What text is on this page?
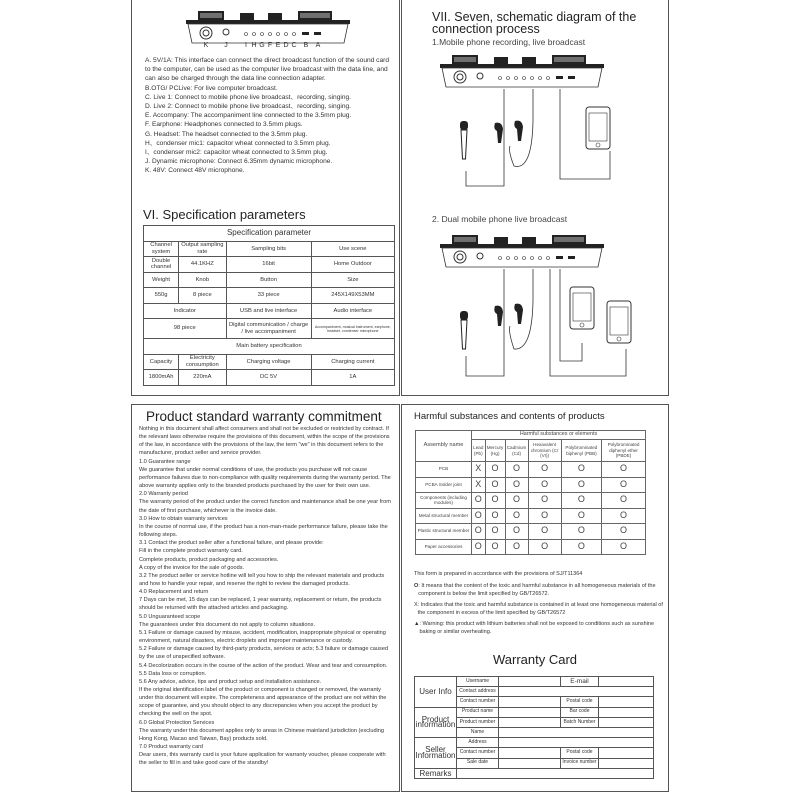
K J I H G F E D C B A
A. 5V/1A: This interface can connect the direct broadcast function of the sound card to the computer, can be used as the computer live broadcast with the data line, and can also be charged through the data line connection adapter.
B.OTG/ PCLive: For live computer broadcast.
C. Live 1: Connect to mobile phone live broadcast、recording, singing.
D. Live 2: Connect to mobile phone live broadcast、recording, singing.
E. Accompany: The accompaniment line connected to the 3.5mm plug.
F. Earphone: Headphones connected to 3.5mm plugs.
G. Headset: The headset connected to the 3.5mm plug.
H、condenser mic1: capacitor wheat connected to 3.5mm plug.
I、condenser mic2: capacitor wheat connected to 3.5mm plug.
J. Dynamic microphone: Connect 6.35mm dynamic microphone.
K. 48V: Connect 48V microphone.
VI. Specification parameters
Specification parameter			
Channel system	Output sampling rate	Sampling bits	Use scene
Double channel	44.1KHZ	16bit	Home Outdoor
Weight	Knob	Button	Size
550g	8 piece	33 piece	245X149X53MM
Indicator		USB and live interface	Audio interface
98 piece		Digital communication / charge / live accompaniment	Accompaniment, musical instrument, earphone, headset, condenser microphone
Main battery specification			
Capacity	Electricity consumption	Charging voltage	Charging current
1800mAh	220mA	DC 5V	1A
VII. Seven, schematic diagram of the connection process
1.Mobile phone recording, live broadcast
2. Dual mobile phone live broadcast
Product standard warranty commitment
Nothing in this document shall affect consumers and shall not be excluded or restricted by contract. If the relevant laws otherwise require the provisions of this document, within the scope of the provisions of the law, in accordance with the provisions of the law, the term "we" in this document refers to the manufacturer, product seller and service provider.
1.0 Guarantee range
We guarantee that under normal conditions of use, the products you purchase will not cause performance failures due to non-compliance with quality requirements during the warranty period. The above warranty applies only to the branded products purchased by the user for their own use.
2.0 Warranty period
The warranty period of the product under the correct function and maintenance shall be one year from the date of first purchase, whichever is the invoice date.
3.0 How to obtain warranty services
In the course of normal use, if the product has a non-man-made performance failure, please take the following steps.
3.1 Contact the product seller after a functional failure, and please provide:
Fill in the complete product warranty card.
Complete products, product packaging and accessories.
A copy of the invoice for the sale of goods.
3.2 The product seller or service hotline will tell you how to ship the relevant materials and products and how to handle your repair, and reserve the right to review the damaged products.
4.0 Replacement and return
7 Days can be met, 15 days can be replaced, 1 year warranty, replacement or return, the products should be returned with the attached articles and packaging.
5.0 Unguaranteed scope
The guarantees under this document do not apply to column situations.
5.1 Failure or damage caused by misuse, accident, modification, inappropriate physical or operating environment, natural disasters, electric droplets and improper maintenance or custody.
5.2 Failure or damage caused by third-party products, services or acts; 5.3 failure or damage caused by the use of unspecified software.
5.4 Decolorization occurs in the course of the action of the product. Wear and tear and consumption.
5.5 Data loss or corruption.
5.6 Any advice, advice, tips and product setup and installation assistance.
If the original identification label of the product or component is changed or removed, the warranty under this document will expire. The completeness and appearance of the product are not within the scope of guarantee, and you should object to any discrepancies when you accept the product by checking the well on the spot.
6.0 Global Protection Services
The warranty under this document applies only to areas in Chinese mainland jurisdiction (excluding Hong Kong, Macao and Taiwan, Bay) products sold.
7.0 Product warranty card
Dear users, this warranty card is your future application for warranty voucher, please cooperate with the seller to fill in and take good care of the standby!
Harmful substances and contents of products
Assembly name	Harmful substances or elements					
	Lead (Pb)	Mercury (Hg)	Cadmium (Cd)	Hexavalent chromium (Cr (VI))	Polybrominated biphenyl (PBB)	Polybrominated diphenyl ether (PBDE)
PCB	X	O	O	O	O	O
PCBA Solder joint	X	O	O	O	O	O
Components (including modules)	O	O	O	O	O	O
Metal structural member	O	O	O	O	O	O
Plastic structural member	O	O	O	O	O	O
Paper accessories	O	O	O	O	O	O
This form is prepared in accordance with the provisions of SJ/T11364
O : It means that the content of the toxic and harmful substance in all homogeneous materials of the component is below the limit specified by GB/T26572.
X : Indicates that the toxic and harmful substance is contained in at least one homogeneous material of the component in excess of the limit specified by GB/T26572
▲ : Warning: this product with lithium batteries shall not be exposed to conditions such as sunshine baking or similar overheating.
Warranty Card
User Info	Username		E-mail	
	Contact address			
	Contact number		Postal code	
Product information	Product name		Bar code	
	Product number		Batch Number	
	Name			
Seller Information	Address			
	Contact number		Postal code	
	Sale date		Invoice number	
Remarks				
